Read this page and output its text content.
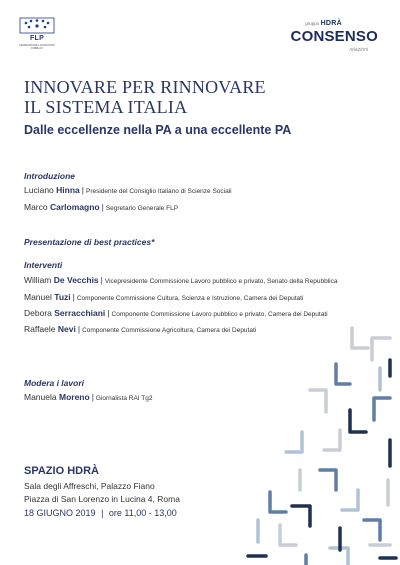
FLP
FEDERAZIONE LAVORATORI PUBBLICI
gruppo HDRÀ
CONSENSO
relazioni
INNOVARE PER RINNOVARE
IL SISTEMA ITALIA
Dalle eccellenze nella PA a una eccellente PA
Introduzione
Luciano Hinna | Presidente del Consiglio Italiano di Scienze Sociali
Marco Carlomagno | Segretario Generale FLP
Presentazione di best practices*
Interventi
William De Vecchis | Vicepresidente Commissione Lavoro pubblico e privato, Senato della Repubblica
Manuel Tuzi | Componente Commissione Cultura, Scienza e Istruzione, Camera dei Deputati
Debora Serracchiani | Componente Commissione Lavoro pubblico e privato, Camera dei Deputati
Raffaele Nevi | Componente Commissione Agricoltura, Camera dei Deputati
Modera i lavori
Manuela Moreno | Giornalista RAI Tg2
SPAZIO HDRÀ
Sala degli Affreschi, Palazzo Fiano
Piazza di San Lorenzo in Lucina 4, Roma
18 GIUGNO 2019 | ore 11,00 - 13,00
